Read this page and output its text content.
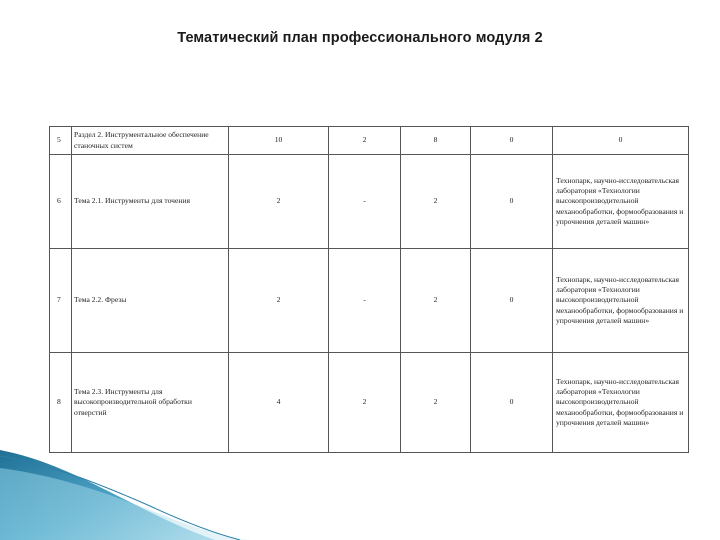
Тематический план профессионального модуля 2
5	Раздел 2. Инструментальное обеспечение станочных систем	10	2	8	0	0
6	Тема 2.1. Инструменты для точения	2	-	2	0	Технопарк, научно-исследовательская лаборатория «Технологии высокопроизводительной механообработки, формообразования и упрочнения деталей машин»
7	Тема 2.2. Фрезы	2	-	2	0	Технопарк, научно-исследовательская лаборатория «Технологии высокопроизводительной механообработки, формообразования и упрочнения деталей машин»
8	Тема 2.3. Инструменты для высокопроизводительной обработки отверстий	4	2	2	0	Технопарк, научно-исследовательская лаборатория «Технологии высокопроизводительной механообработки, формообразования и упрочнения деталей машин»
